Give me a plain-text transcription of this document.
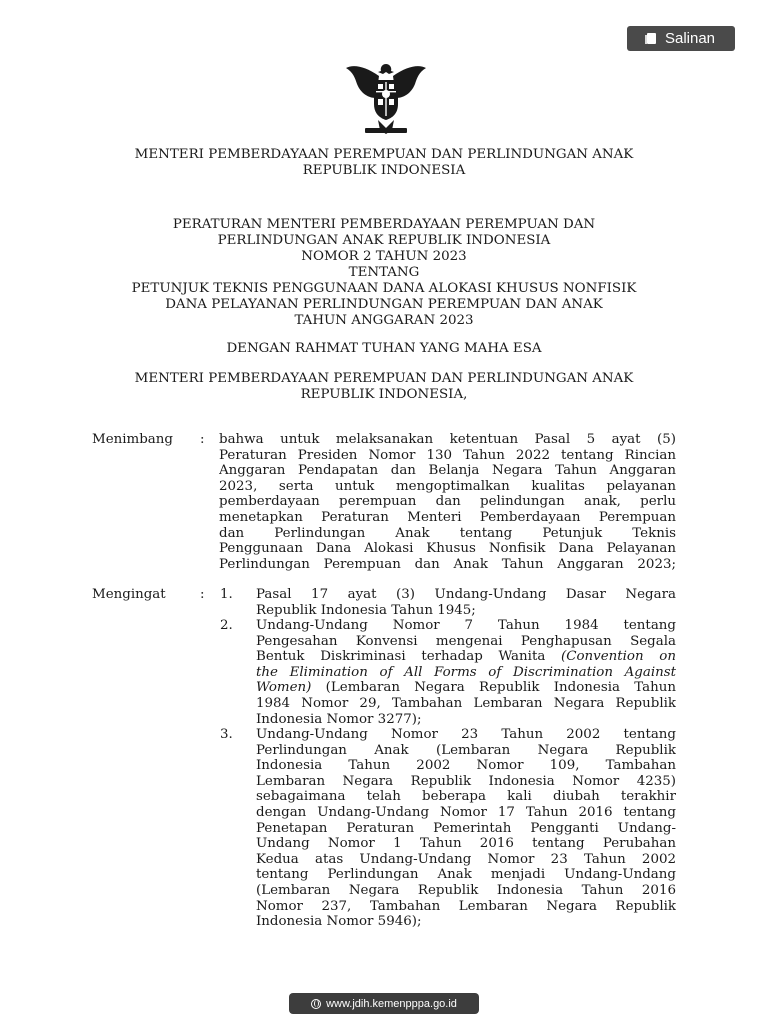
Salinan
MENTERI PEMBERDAYAAN PEREMPUAN DAN PERLINDUNGAN ANAK
REPUBLIK INDONESIA
PERATURAN MENTERI PEMBERDAYAAN PEREMPUAN DAN
PERLINDUNGAN ANAK REPUBLIK INDONESIA
NOMOR 2 TAHUN 2023
TENTANG
PETUNJUK TEKNIS PENGGUNAAN DANA ALOKASI KHUSUS NONFISIK
DANA PELAYANAN PERLINDUNGAN PEREMPUAN DAN ANAK
TAHUN ANGGARAN 2023
DENGAN RAHMAT TUHAN YANG MAHA ESA
MENTERI PEMBERDAYAAN PEREMPUAN DAN PERLINDUNGAN ANAK
REPUBLIK INDONESIA,
Menimbang : bahwa untuk melaksanakan ketentuan Pasal 5 ayat (5)
Peraturan Presiden Nomor 130 Tahun 2022 tentang Rincian
Anggaran Pendapatan dan Belanja Negara Tahun Anggaran
2023, serta untuk mengoptimalkan kualitas pelayanan
pemberdayaan perempuan dan pelindungan anak, perlu
menetapkan Peraturan Menteri Pemberdayaan Perempuan
dan Perlindungan Anak tentang Petunjuk Teknis
Penggunaan Dana Alokasi Khusus Nonfisik Dana Pelayanan
Perlindungan Perempuan dan Anak Tahun Anggaran 2023;
Mengingat	: 1. Pasal 17 ayat (3) Undang-Undang Dasar Negara
Republik Indonesia Tahun 1945;
2. Undang-Undang Nomor 7 Tahun 1984 tentang
Pengesahan Konvensi mengenai Penghapusan Segala
Bentuk Diskriminasi terhadap Wanita (Convention on
the Elimination of All Forms of Discrimination Against
Women) (Lembaran Negara Republik Indonesia Tahun
1984 Nomor 29, Tambahan Lembaran Negara Republik
Indonesia Nomor 3277);
3. Undang-Undang Nomor 23 Tahun 2002 tentang
Perlindungan Anak (Lembaran Negara Republik
Indonesia Tahun 2002 Nomor 109, Tambahan
Lembaran Negara Republik Indonesia Nomor 4235)
sebagaimana telah beberapa kali diubah terakhir
dengan Undang-Undang Nomor 17 Tahun 2016 tentang
Penetapan Peraturan Pemerintah Pengganti Undang-
Undang Nomor 1 Tahun 2016 tentang Perubahan
Kedua atas Undang-Undang Nomor 23 Tahun 2002
tentang Perlindungan Anak menjadi Undang-Undang
(Lembaran Negara Republik Indonesia Tahun 2016
Nomor 237, Tambahan Lembaran Negara Republik
Indonesia Nomor 5946);
www.jdih.kemenpppa.go.id
